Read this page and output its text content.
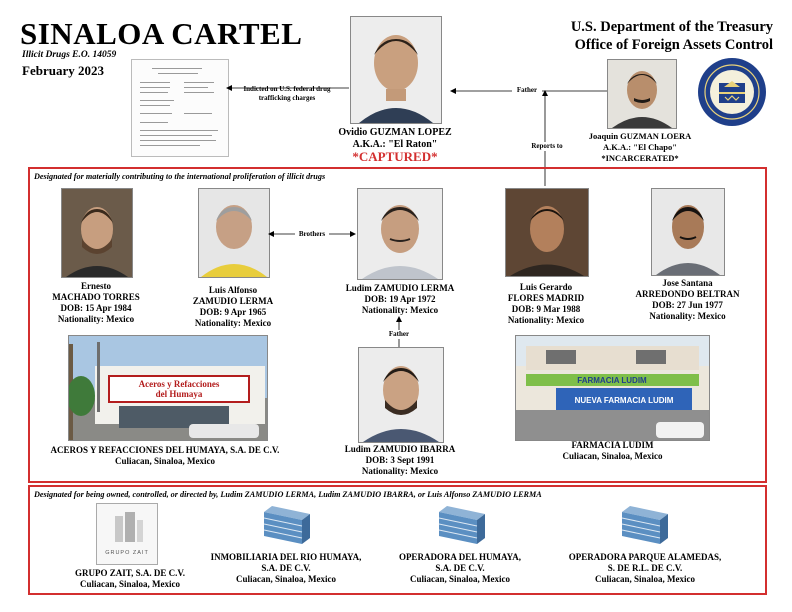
SINALOA CARTEL
Illicit Drugs E.O. 14059
February 2023
U.S. Department of the Treasury
Office of Foreign Assets Control
Indicted on U.S. federal drug trafficking charges
Ovidio GUZMAN LOPEZ
A.K.A.: "El Raton"
*CAPTURED*
Father
Joaquin GUZMAN LOERA
A.K.A.: "El Chapo"
*INCARCERATED*
Reports to
Designated for materially contributing to the international proliferation of illicit drugs
Ernesto
MACHADO TORRES
DOB: 15 Apr 1984
Nationality: Mexico
Luis Alfonso
ZAMUDIO LERMA
DOB: 9 Apr 1965
Nationality: Mexico
Brothers
Ludim ZAMUDIO LERMA
DOB: 19 Apr 1972
Nationality: Mexico
Father
Luis Gerardo
FLORES MADRID
DOB: 9 Mar 1988
Nationality: Mexico
Jose Santana
ARREDONDO BELTRAN
DOB: 27 Jun 1977
Nationality: Mexico
Aceros y Refacciones
del Humaya
ACEROS Y REFACCIONES DEL HUMAYA, S.A. DE C.V.
Culiacan, Sinaloa, Mexico
Ludim ZAMUDIO IBARRA
DOB: 3 Sept 1991
Nationality: Mexico
FARMACIA LUDIM
NUEVA FARMACIA LUDIM
FARMACIA LUDIM
Culiacan, Sinaloa, Mexico
Designated for being owned, controlled, or directed by, Ludim ZAMUDIO LERMA, Ludim ZAMUDIO IBARRA, or Luis Alfonso ZAMUDIO LERMA
GRUPO ZAIT
GRUPO ZAIT, S.A. DE C.V.
Culiacan, Sinaloa, Mexico
INMOBILIARIA DEL RIO HUMAYA,
S.A. DE C.V.
Culiacan, Sinaloa, Mexico
OPERADORA DEL HUMAYA,
S.A. DE C.V.
Culiacan, Sinaloa, Mexico
OPERADORA PARQUE ALAMEDAS,
S. DE R.L. DE C.V.
Culiacan, Sinaloa, Mexico
